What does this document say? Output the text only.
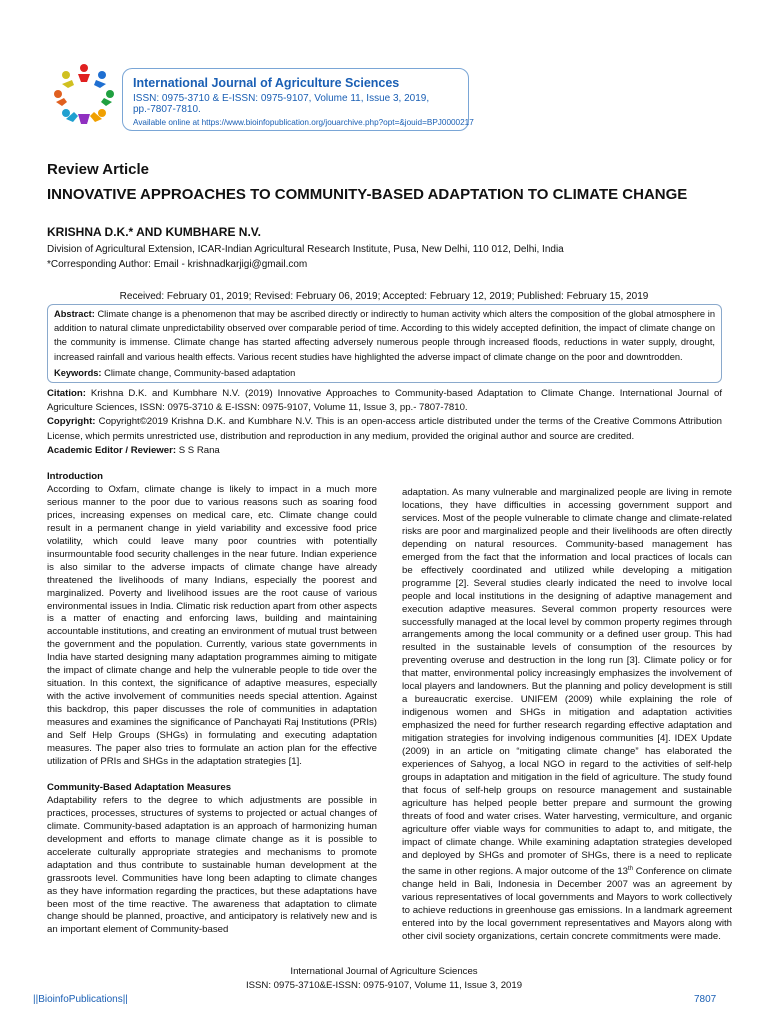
International Journal of Agriculture Sciences
ISSN: 0975-3710 & E-ISSN: 0975-9107, Volume 11, Issue 3, 2019, pp.-7807-7810.
Available online at https://www.bioinfopublication.org/jouarchive.php?opt=&jouid=BPJ0000217
Review Article
INNOVATIVE APPROACHES TO COMMUNITY-BASED ADAPTATION TO CLIMATE CHANGE
KRISHNA D.K.* AND KUMBHARE N.V.
Division of Agricultural Extension, ICAR-Indian Agricultural Research Institute, Pusa, New Delhi, 110 012, Delhi, India
*Corresponding Author: Email - krishnadkarjigi@gmail.com
Received: February 01, 2019; Revised: February 06, 2019; Accepted: February 12, 2019; Published: February 15, 2019
Abstract: Climate change is a phenomenon that may be ascribed directly or indirectly to human activity which alters the composition of the global atmosphere in addition to natural climate unpredictability observed over comparable period of time. According to this widely accepted definition, the impact of climate change on the community is immense. Climate change has started affecting adversely numerous people through increased floods, reductions in water supply, drought, increased rainfall and various health effects. Various recent studies have highlighted the adverse impact of climate change on the poor and downtrodden.
Keywords: Climate change, Community-based adaptation
Citation: Krishna D.K. and Kumbhare N.V. (2019) Innovative Approaches to Community-based Adaptation to Climate Change. International Journal of Agriculture Sciences, ISSN: 0975-3710 & E-ISSN: 0975-9107, Volume 11, Issue 3, pp.- 7807-7810.
Copyright: Copyright©2019 Krishna D.K. and Kumbhare N.V. This is an open-access article distributed under the terms of the Creative Commons Attribution License, which permits unrestricted use, distribution and reproduction in any medium, provided the original author and source are credited.
Academic Editor / Reviewer: S S Rana
Introduction
According to Oxfam, climate change is likely to impact in a much more serious manner to the poor due to various reasons such as soaring food prices, increasing expenses on medical care, etc. Climate change could result in a permanent change in yield variability and excessive food price volatility, which could leave many poor countries with potentially insurmountable food security challenges in the near future. Indian experience is also similar to the adverse impacts of climate change have already threatened the livelihoods of many Indians, especially the poorest and marginalized. Poverty and livelihood issues are the root cause of various environmental issues in India. Climatic risk reduction apart from other aspects is a matter of enacting and enforcing laws, building and maintaining accountable institutions, and creating an environment of mutual trust between the government and the population. Currently, various state governments in India have started designing many adaptation programmes aiming to mitigate the impact of climate change and help the vulnerable people to tide over the situation. In this context, the significance of adaptive measures, especially with the active involvement of communities needs special attention. Against this backdrop, this paper discusses the role of communities in adaptation measures and examines the significance of Panchayati Raj Institutions (PRIs) and Self Help Groups (SHGs) in formulating and executing adaptation measures. The paper also tries to formulate an action plan for the effective utilization of PRIs and SHGs in the adaptation strategies [1].
Community-Based Adaptation Measures
Adaptability refers to the degree to which adjustments are possible in practices, processes, structures of systems to projected or actual changes of climate. Community-based adaptation is an approach of harmonizing human development and efforts to manage climate change as it is possible to accelerate culturally appropriate strategies and mechanisms to promote adaptation and thus contribute to sustainable human development at the grassroots level. Communities have long been adapting to climate changes as they have information regarding the practices, but these adaptations have been most of the time reactive. The awareness that adaptation to climate change should be planned, proactive, and anticipatory is relatively new and is an important element of Community-based
adaptation. As many vulnerable and marginalized people are living in remote locations, they have difficulties in accessing government support and services. Most of the people vulnerable to climate change and climate-related risks are poor and marginalized people and their livelihoods are often directly depending on natural resources. Community-based management has emerged from the fact that the information and local practices of locals can be effectively coordinated and utilized while developing a mitigation programme [2]. Several studies clearly indicated the need to involve local people and local institutions in the designing of adaptive management and execution adaptive measures. Several common property resources were successfully managed at the local level by common property regimes through arrangements among the local community or a defined user group. This had resulted in the sustainable levels of consumption of the resources by preventing overuse and destruction in the long run [3]. Climate policy or for that matter, environmental policy increasingly emphasizes the involvement of local players and landowners. But the planning and policy development is still a bureaucratic exercise. UNIFEM (2009) while explaining the role of indigenous women and SHGs in mitigation and adaptation activities emphasized the need for further research regarding effective adaptation and mitigation strategies for involving indigenous communities [4]. IDEX Update (2009) in an article on “mitigating climate change” has elaborated the experiences of Sahyog, a local NGO in regard to the activities of self-help groups in adaptation and mitigation in the field of agriculture. The study found that focus of self-help groups on resource management and sustainable agriculture has helped people better prepare and surmount the growing threats of food and water crises. Water harvesting, vermiculture, and organic agriculture offer viable ways for communities to adapt to, and mitigate, the impact of climate change. While examining adaptation strategies developed and deployed by SHGs and promoter of SHGs, there is a need to replicate the same in other regions. A major outcome of the 13th Conference on climate change held in Bali, Indonesia in December 2007 was an agreement by various representatives of local governments and Mayors to work collectively to achieve reductions in greenhouse gas emissions. In a landmark agreement entered into by the local government representatives and Mayors along with other civil society organizations, certain concrete commitments were made.
International Journal of Agriculture Sciences
ISSN: 0975-3710&E-ISSN: 0975-9107, Volume 11, Issue 3, 2019
||BioinfoPublications||	7807
